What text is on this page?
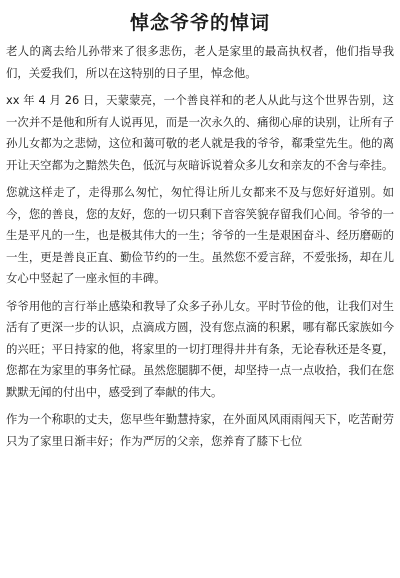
悼念爷爷的悼词

老人的离去给儿孙带来了很多悲伤，老人是家里的最高执权者，他们指导我们，关爱我们，所以在这特别的日子里，悼念他。

xx 年 4 月 26 日，天蒙蒙亮，一个善良祥和的老人从此与这个世界告别，这一次并不是他和所有人说再见，而是一次永久的、痛彻心扉的诀别，让所有子孙儿女都为之悲恸，这位和蔼可敬的老人就是我的爷爷，郗秉堂先生。他的离开让天空都为之黯然失色，低沉与灰暗诉说着众多儿女和亲友的不舍与牵挂。

您就这样走了，走得那么匆忙，匆忙得让所儿女都来不及与您好好道别。如今，您的善良，您的友好，您的一切只剩下音容笑貌存留我们心间。爷爷的一生是平凡的一生，也是极其伟大的一生；爷爷的一生是艰困奋斗、经历磨砺的一生，更是善良正直、勤俭节约的一生。虽然您不爱言辞，不爱张扬，却在儿女心中竖起了一座永恒的丰碑。

爷爷用他的言行举止感染和教导了众多子孙儿女。平时节俭的他，让我们对生活有了更深一步的认识，点滴成方圆，没有您点滴的积累，哪有郗氏家族如今的兴旺；平日持家的他，将家里的一切打理得井井有条，无论春秋还是冬夏，您都在为家里的事务忙碌。虽然您腿脚不便，却坚持一点一点收拾，我们在您默默无闻的付出中，感受到了奉献的伟大。

作为一个称职的丈夫，您早些年勤慧持家，在外面风风雨雨闯天下，吃苦耐劳只为了家里日渐丰好；作为严厉的父亲，您养育了膝下七位
